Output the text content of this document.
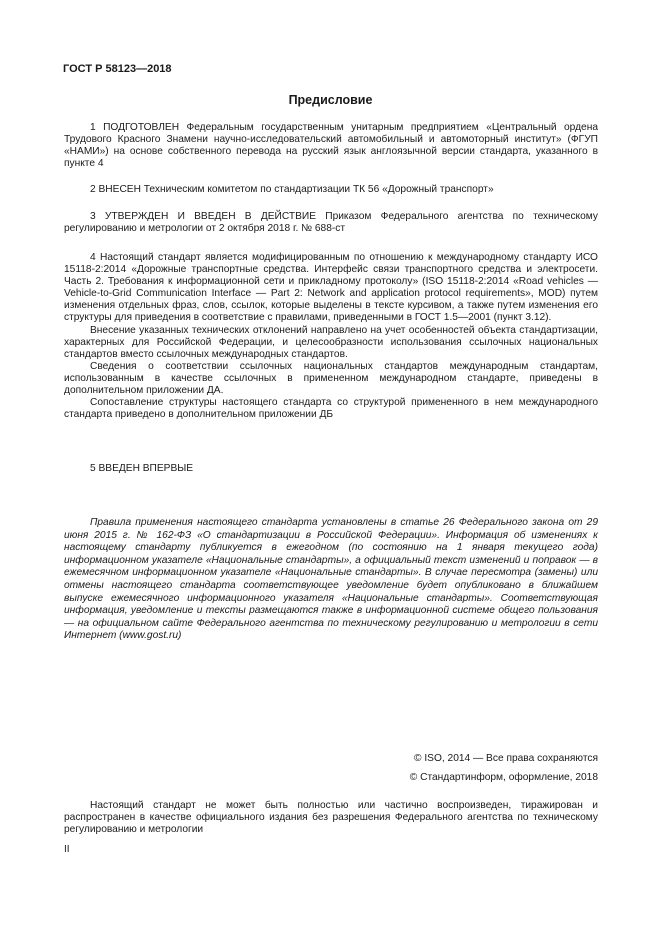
ГОСТ Р 58123—2018
Предисловие
1 ПОДГОТОВЛЕН Федеральным государственным унитарным предприятием «Центральный ордена Трудового Красного Знамени научно-исследовательский автомобильный и автомоторный институт» (ФГУП «НАМИ») на основе собственного перевода на русский язык англоязычной версии стандарта, указанного в пункте 4
2 ВНЕСЕН Техническим комитетом по стандартизации ТК 56 «Дорожный транспорт»
3 УТВЕРЖДЕН И ВВЕДЕН В ДЕЙСТВИЕ Приказом Федерального агентства по техническому регулированию и метрологии от 2 октября 2018 г. № 688-ст

4 Настоящий стандарт является модифицированным по отношению к международному стандарту ИСО 15118-2:2014 «Дорожные транспортные средства. Интерфейс связи транспортного средства и электросети. Часть 2. Требования к информационной сети и прикладному протоколу» (ISO 15118-2:2014 «Road vehicles — Vehicle-to-Grid Communication Interface — Part 2: Network and application protocol requirements», MOD) путем изменения отдельных фраз, слов, ссылок, которые выделены в тексте курсивом, а также путем изменения его структуры для приведения в соответствие с правилами, приведенными в ГОСТ 1.5—2001 (пункт 3.12).

Внесение указанных технических отклонений направлено на учет особенностей объекта стандартизации, характерных для Российской Федерации, и целесообразности использования ссылочных национальных стандартов вместо ссылочных международных стандартов.

Сведения о соответствии ссылочных национальных стандартов международным стандартам, использованным в качестве ссылочных в примененном международном стандарте, приведены в дополнительном приложении ДА.

Сопоставление структуры настоящего стандарта со структурой примененного в нем международного стандарта приведено в дополнительном приложении ДБ

5 ВВЕДЕН ВПЕРВЫЕ
Правила применения настоящего стандарта установлены в статье 26 Федерального закона от 29 июня 2015 г. № 162-ФЗ «О стандартизации в Российской Федерации». Информация об изменениях к настоящему стандарту публикуется в ежегодном (по состоянию на 1 января текущего года) информационном указателе «Национальные стандарты», а официальный текст изменений и поправок — в ежемесячном информационном указателе «Национальные стандарты». В случае пересмотра (замены) или отмены настоящего стандарта соответствующее уведомление будет опубликовано в ближайшем выпуске ежемесячного информационного указателя «Национальные стандарты». Соответствующая информация, уведомление и тексты размещаются также в информационной системе общего пользования — на официальном сайте Федерального агентства по техническому регулированию и метрологии в сети Интернет (www.gost.ru)
© ISO, 2014 — Все права сохраняются
© Стандартинформ, оформление, 2018
Настоящий стандарт не может быть полностью или частично воспроизведен, тиражирован и распространен в качестве официального издания без разрешения Федерального агентства по техническому регулированию и метрологии
II
